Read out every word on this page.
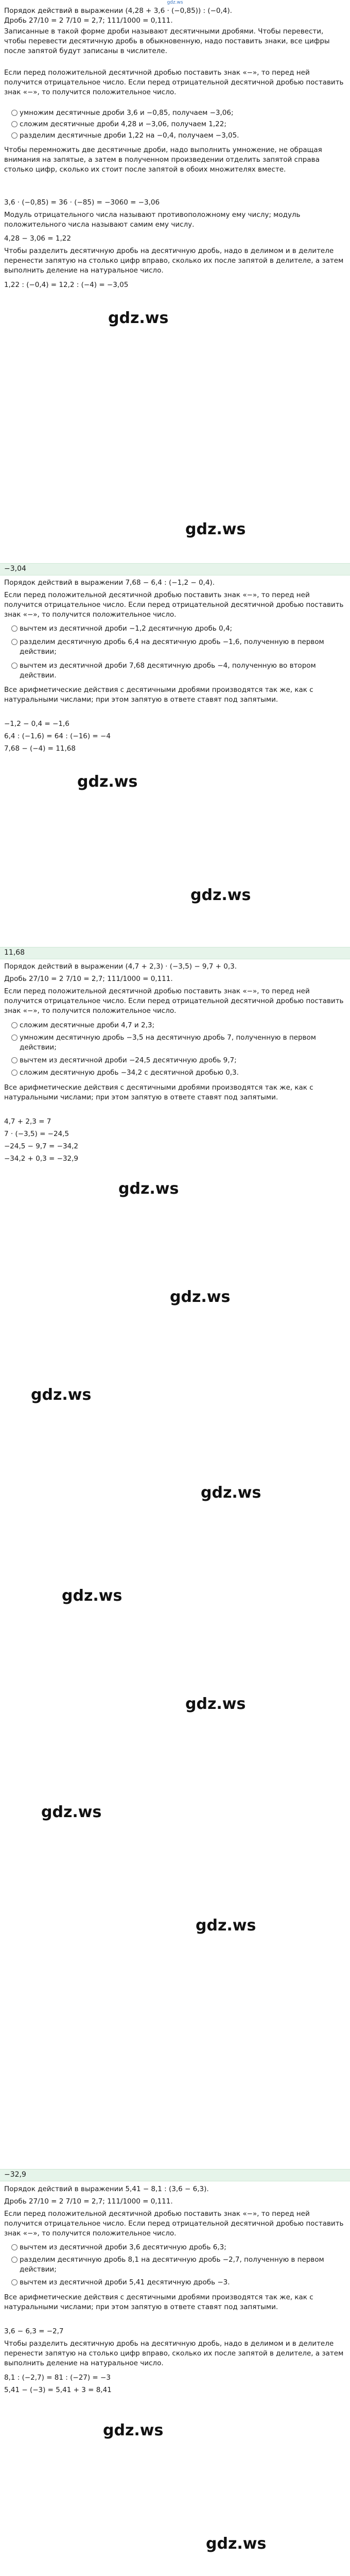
gdz.ws
Порядок действий в выражении (4,28 + 3,6 · (−0,85)) : (−0,4).
Дробь 27/10 = 2 7/10 = 2,7; 111/1000 = 0,111.
Записанные в такой форме дроби называют десятичными дробями. Чтобы перевести, чтобы перевести десятичную дробь в обыкновенную, надо поставить знаки, все цифры после запятой будут записаны в числителе.
Если перед положительной десятичной дробью поставить знак «−», то перед ней получится отрицательное число. Если перед отрицательной десятичной дробью поставить знак «−», то получится положительное число.
умножим десятичные дроби 3,6 и −0,85, получаем −3,06;
сложим десятичные дроби 4,28 и −3,06, получаем 1,22;
разделим десятичные дроби 1,22 на −0,4, получаем −3,05.
Чтобы перемножить две десятичные дроби, надо выполнить умножение, не обращая внимания на запятые, а затем в полученном произведении отделить запятой справа столько цифр, сколько их стоит после запятой в обоих множителях вместе.
3,6 · (−0,85) = 36 · (−85) = −3060 = −3,06
Модуль отрицательного числа называют противоположному ему числу; модуль положительного числа называют самим ему числу.
4,28 − 3,06 = 1,22
Чтобы разделить десятичную дробь на десятичную дробь, надо в делимом и в делителе перенести запятую на столько цифр вправо, сколько их после запятой в делителе, а затем выполнить деление на натуральное число.
1,22 : (−0,4) = 12,2 : (−4) = −3,05
gdz.ws
gdz.ws
−3,04
Порядок действий в выражении 7,68 − 6,4 : (−1,2 − 0,4).
Если перед положительной десятичной дробью поставить знак «−», то перед ней получится отрицательное число. Если перед отрицательной десятичной дробью поставить знак «−», то получится положительное число.
вычтем из десятичной дроби −1,2 десятичную дробь 0,4;
разделим десятичную дробь 6,4 на десятичную дробь −1,6, полученную в первом действии;
вычтем из десятичной дроби 7,68 десятичную дробь −4, полученную во втором действии.
Все арифметические действия с десятичными дробями производятся так же, как с натуральными числами; при этом запятую в ответе ставят под запятыми.
−1,2 − 0,4 = −1,6
6,4 : (−1,6) = 64 : (−16) = −4
7,68 − (−4) = 11,68
gdz.ws
gdz.ws
11,68
Порядок действий в выражении (4,7 + 2,3) · (−3,5) − 9,7 + 0,3.
Дробь 27/10 = 2 7/10 = 2,7; 111/1000 = 0,111.
Если перед положительной десятичной дробью поставить знак «−», то перед ней получится отрицательное число. Если перед отрицательной десятичной дробью поставить знак «−», то получится положительное число.
сложим десятичные дроби 4,7 и 2,3;
умножим десятичную дробь −3,5 на десятичную дробь 7, полученную в первом действии;
вычтем из десятичной дроби −24,5 десятичную дробь 9,7;
сложим десятичную дробь −34,2 с десятичной дробью 0,3.
Все арифметические действия с десятичными дробями производятся так же, как с натуральными числами; при этом запятую в ответе ставят под запятыми.
4,7 + 2,3 = 7
7 · (−3,5) = −24,5
−24,5 − 9,7 = −34,2
−34,2 + 0,3 = −32,9
gdz.ws
gdz.ws
gdz.ws
gdz.ws
gdz.ws
gdz.ws
gdz.ws
gdz.ws
−32,9
Порядок действий в выражении 5,41 − 8,1 : (3,6 − 6,3).
Дробь 27/10 = 2 7/10 = 2,7; 111/1000 = 0,111.
Если перед положительной десятичной дробью поставить знак «−», то перед ней получится отрицательное число. Если перед отрицательной десятичной дробью поставить знак «−», то получится положительное число.
вычтем из десятичной дроби 3,6 десятичную дробь 6,3;
разделим десятичную дробь 8,1 на десятичную дробь −2,7, полученную в первом действии;
вычтем из десятичной дроби 5,41 десятичную дробь −3.
Все арифметические действия с десятичными дробями производятся так же, как с натуральными числами; при этом запятую в ответе ставят под запятыми.
3,6 − 6,3 = −2,7
Чтобы разделить десятичную дробь на десятичную дробь, надо в делимом и в делителе перенести запятую на столько цифр вправо, сколько их после запятой в делителе, а затем выполнить деление на натуральное число.
8,1 : (−2,7) = 81 : (−27) = −3
5,41 − (−3) = 5,41 + 3 = 8,41
gdz.ws
gdz.ws
